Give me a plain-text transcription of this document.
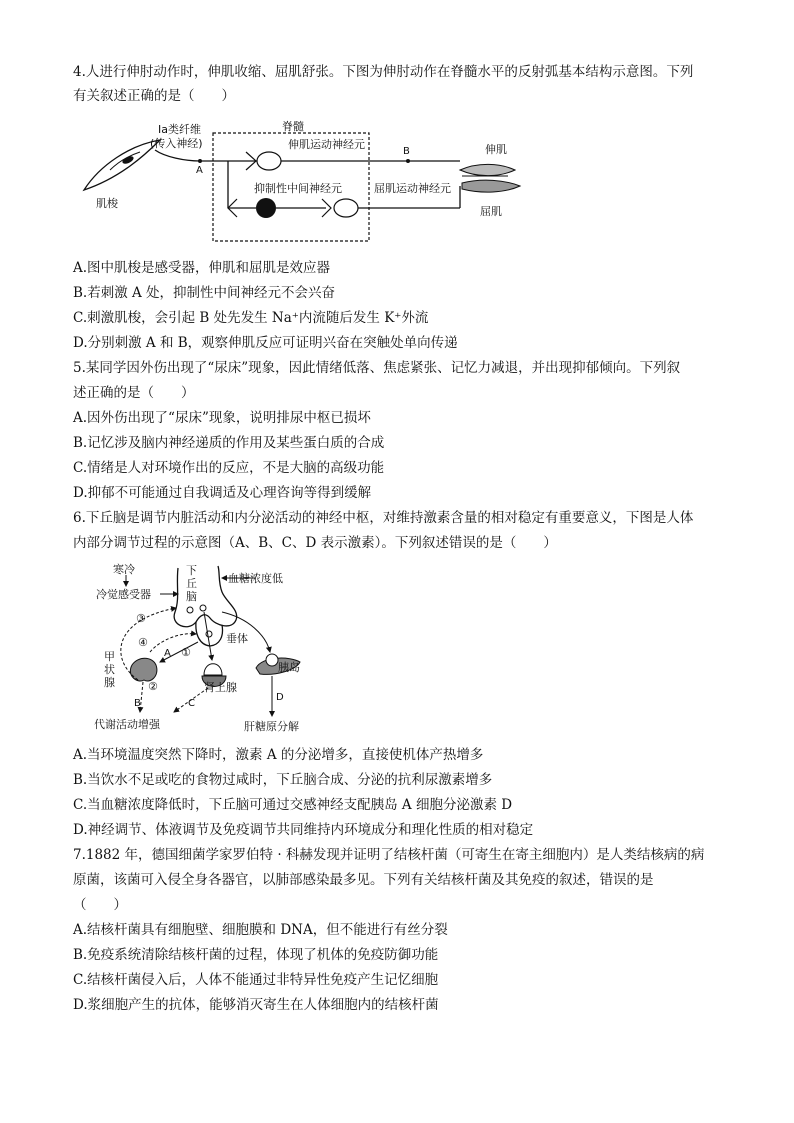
4.人进行伸肘动作时，伸肌收缩、屈肌舒张。下图为伸肘动作在脊髓水平的反射弧基本结构示意图。下列
有关叙述正确的是（　　）
Ia类纤维
(传入神经)
脊髓
A
B
伸肌运动神经元
抑制性中间神经元	屈肌运动神经元
伸肌
屈肌
肌梭
A.图中肌梭是感受器，伸肌和屈肌是效应器
B.若刺激 A 处，抑制性中间神经元不会兴奋
C.刺激肌梭，会引起 B 处先发生 Na⁺内流随后发生 K⁺外流
D.分别刺激 A 和 B，观察伸肌反应可证明兴奋在突触处单向传递
5.某同学因外伤出现了“尿床”现象，因此情绪低落、焦虑紧张、记忆力减退，并出现抑郁倾向。下列叙
述正确的是（　　）
A.因外伤出现了“尿床”现象，说明排尿中枢已损坏
B.记忆涉及脑内神经递质的作用及某些蛋白质的合成
C.情绪是人对环境作出的反应，不是大脑的高级功能
D.抑郁不可能通过自我调适及心理咨询等得到缓解
6.下丘脑是调节内脏活动和内分泌活动的神经中枢，对维持激素含量的相对稳定有重要意义，下图是人体
内部分调节过程的示意图（A、B、C、D 表示激素）。下列叙述错误的是（　　）
寒冷
冷觉感受器
下
丘
脑
血糖浓度低
③
④
①
②
垂体
甲
状
腺	肾上腺
胰岛
A
B	C
D
代谢活动增强	肝糖原分解
A.当环境温度突然下降时，激素 A 的分泌增多，直接使机体产热增多
B.当饮水不足或吃的食物过咸时，下丘脑合成、分泌的抗利尿激素增多
C.当血糖浓度降低时，下丘脑可通过交感神经支配胰岛 A 细胞分泌激素 D
D.神经调节、体液调节及免疫调节共同维持内环境成分和理化性质的相对稳定
7.1882 年，德国细菌学家罗伯特 · 科赫发现并证明了结核杆菌（可寄生在寄主细胞内）是人类结核病的病
原菌，该菌可入侵全身各器官，以肺部感染最多见。下列有关结核杆菌及其免疫的叙述，错误的是
（　　）
A.结核杆菌具有细胞壁、细胞膜和 DNA，但不能进行有丝分裂
B.免疫系统清除结核杆菌的过程，体现了机体的免疫防御功能
C.结核杆菌侵入后，人体不能通过非特异性免疫产生记忆细胞
D.浆细胞产生的抗体，能够消灭寄生在人体细胞内的结核杆菌
